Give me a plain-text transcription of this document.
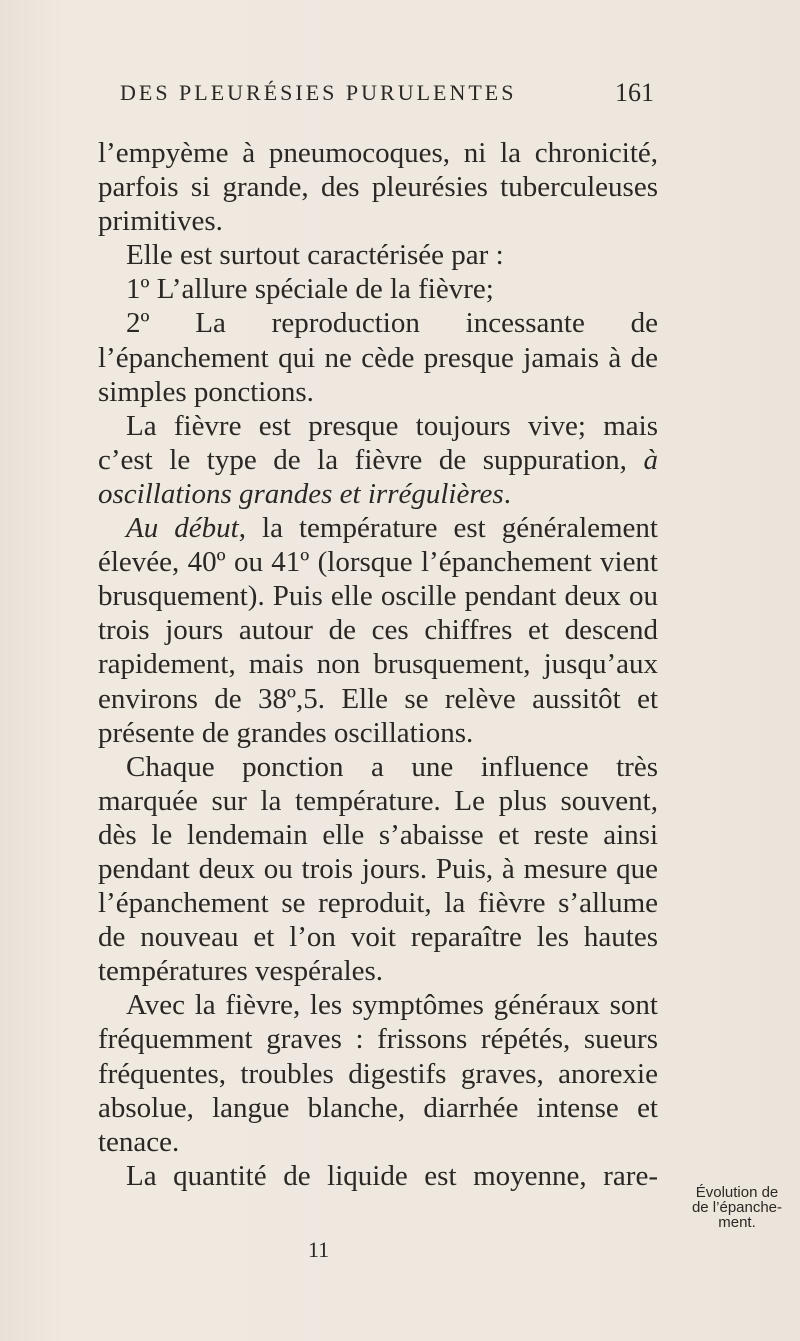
DES PLEURÉSIES PURULENTES	161

l’empyème à pneumocoques, ni la chronicité, parfois si grande, des pleurésies tuberculeuses primitives.

Elle est surtout caractérisée par :

1º L’allure spéciale de la fièvre;

2º La reproduction incessante de l’épanchement qui ne cède presque jamais à de simples ponctions.

La fièvre est presque toujours vive; mais c’est le type de la fièvre de suppuration, à oscillations grandes et irrégulières.

Au début, la température est généralement élevée, 40º ou 41º (lorsque l’épanchement vient brusquement). Puis elle oscille pendant deux ou trois jours autour de ces chiffres et descend rapidement, mais non brusquement, jusqu’aux environs de 38º,5. Elle se relève aussitôt et présente de grandes oscillations.

Chaque ponction a une influence très marquée sur la température. Le plus souvent, dès le lendemain elle s’abaisse et reste ainsi pendant deux ou trois jours. Puis, à mesure que l’épanchement se reproduit, la fièvre s’allume de nouveau et l’on voit reparaître les hautes températures vespérales.

Avec la fièvre, les symptômes généraux sont fréquemment graves : frissons répétés, sueurs fréquentes, troubles digestifs graves, anorexie absolue, langue blanche, diarrhée intense et tenace.

La quantité de liquide est moyenne, rare-

Évolution de
de l’épanche-
ment.
11
